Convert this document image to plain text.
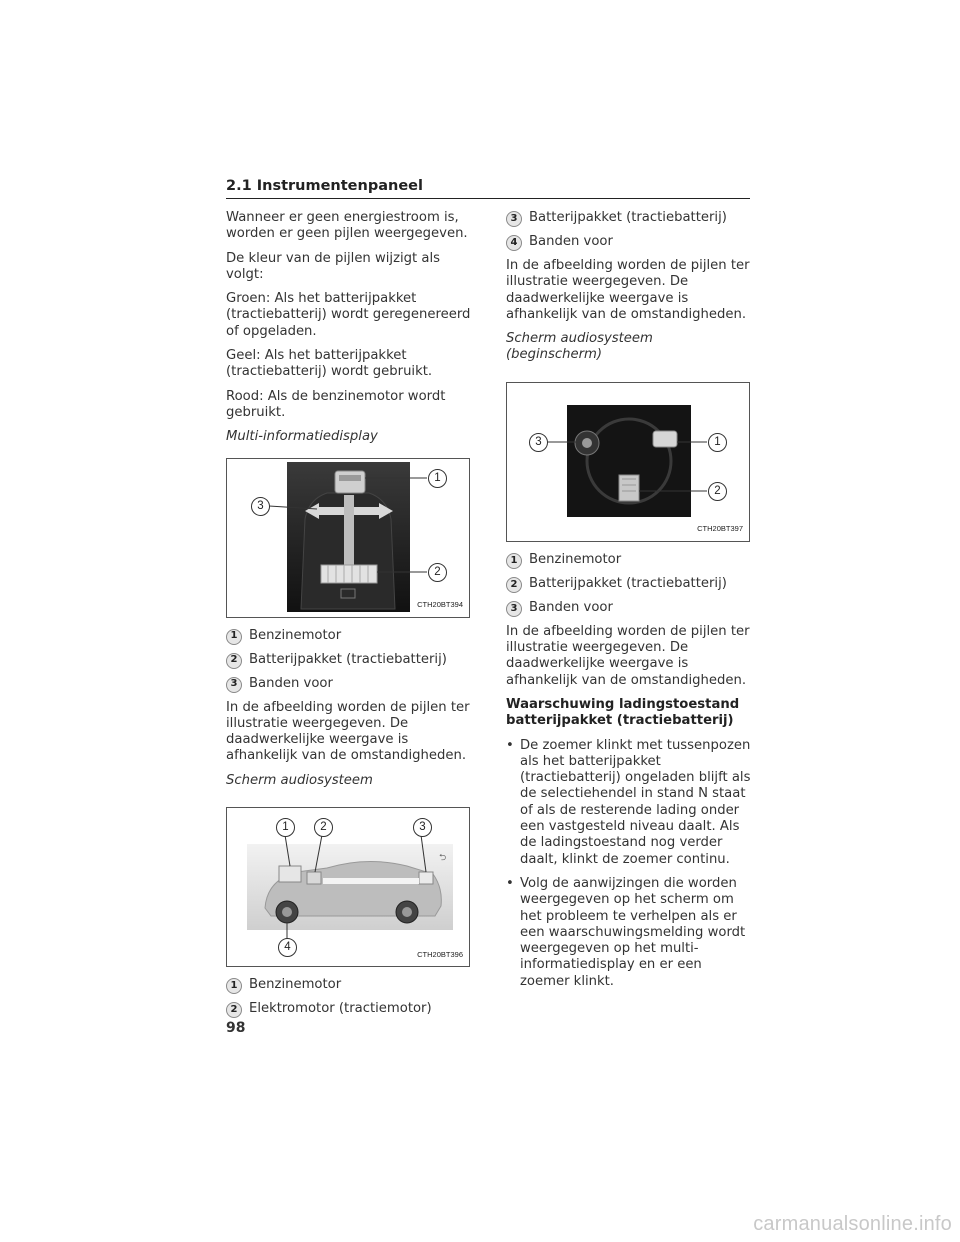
2.1 Instrumentenpaneel

Wanneer er geen energiestroom is, worden er geen pijlen weergegeven.

De kleur van de pijlen wijzigt als volgt:

Groen: Als het batterijpakket (tractiebatterij) wordt geregenereerd of opgeladen.

Geel: Als het batterijpakket (tractiebatterij) wordt gebruikt.

Rood: Als de benzinemotor wordt gebruikt.

Multi-informatiedisplay

1
2
3
CTH20BT394
1 Benzinemotor
2 Batterijpakket (tractiebatterij)
3 Banden voor

In de afbeelding worden de pijlen ter illustratie weergegeven. De daadwerkelijke weergave is afhankelijk van de omstandigheden.

Scherm audiosysteem

⮌
1	2	3
4
CTH20BT396
1 Benzinemotor
2 Elektromotor (tractiemotor)
3 Batterijpakket (tractiebatterij)
4 Banden voor

In de afbeelding worden de pijlen ter illustratie weergegeven. De daadwerkelijke weergave is afhankelijk van de omstandigheden.

Scherm audiosysteem (beginscherm)

1
2
3
CTH20BT397
1 Benzinemotor
2 Batterijpakket (tractiebatterij)
3 Banden voor

In de afbeelding worden de pijlen ter illustratie weergegeven. De daadwerkelijke weergave is afhankelijk van de omstandigheden.

Waarschuwing ladingstoestand batterijpakket (tractiebatterij)

• De zoemer klinkt met tussenpozen als het batterijpakket (tractiebatterij) ongeladen blijft als de selectiehendel in stand N staat of als de resterende lading onder een vastgesteld niveau daalt. Als de ladingstoestand nog verder daalt, klinkt de zoemer continu.
• Volg de aanwijzingen die worden weergegeven op het scherm om het probleem te verhelpen als er een waarschuwingsmelding wordt weergegeven op het multi-informatiedisplay en er een zoemer klinkt.
98
carmanualsonline.info
